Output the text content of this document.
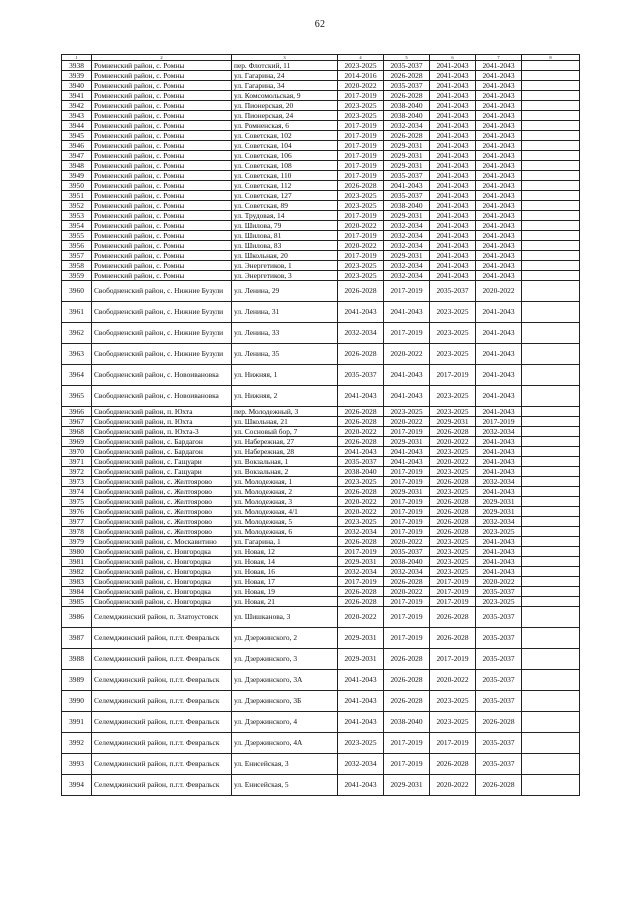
62
1	2	3	4	5	6	7	8
3938	Ромненский район, с. Ромны	пер. Флотский, 11	2023-2025	2035-2037	2041-2043	2041-2043	
3939	Ромненский район, с. Ромны	ул. Гагарина, 24	2014-2016	2026-2028	2041-2043	2041-2043	
3940	Ромненский район, с. Ромны	ул. Гагарина, 34	2020-2022	2035-2037	2041-2043	2041-2043	
3941	Ромненский район, с. Ромны	ул. Комсомольская, 9	2017-2019	2026-2028	2041-2043	2041-2043	
3942	Ромненский район, с. Ромны	ул. Пионерская, 20	2023-2025	2038-2040	2041-2043	2041-2043	
3943	Ромненский район, с. Ромны	ул. Пионерская, 24	2023-2025	2038-2040	2041-2043	2041-2043	
3944	Ромненский район, с. Ромны	ул. Ромненская, 6	2017-2019	2032-2034	2041-2043	2041-2043	
3945	Ромненский район, с. Ромны	ул. Советская, 102	2017-2019	2026-2028	2041-2043	2041-2043	
3946	Ромненский район, с. Ромны	ул. Советская, 104	2017-2019	2029-2031	2041-2043	2041-2043	
3947	Ромненский район, с. Ромны	ул. Советская, 106	2017-2019	2029-2031	2041-2043	2041-2043	
3948	Ромненский район, с. Ромны	ул. Советская, 108	2017-2019	2029-2031	2041-2043	2041-2043	
3949	Ромненский район, с. Ромны	ул. Советская, 110	2017-2019	2035-2037	2041-2043	2041-2043	
3950	Ромненский район, с. Ромны	ул. Советская, 112	2026-2028	2041-2043	2041-2043	2041-2043	
3951	Ромненский район, с. Ромны	ул. Советская, 127	2023-2025	2035-2037	2041-2043	2041-2043	
3952	Ромненский район, с. Ромны	ул. Советская, 89	2023-2025	2038-2040	2041-2043	2041-2043	
3953	Ромненский район, с. Ромны	ул. Трудовая, 14	2017-2019	2029-2031	2041-2043	2041-2043	
3954	Ромненский район, с. Ромны	ул. Шилова, 79	2020-2022	2032-2034	2041-2043	2041-2043	
3955	Ромненский район, с. Ромны	ул. Шилова, 81	2017-2019	2032-2034	2041-2043	2041-2043	
3956	Ромненский район, с. Ромны	ул. Шилова, 83	2020-2022	2032-2034	2041-2043	2041-2043	
3957	Ромненский район, с. Ромны	ул. Школьная, 20	2017-2019	2029-2031	2041-2043	2041-2043	
3958	Ромненский район, с. Ромны	ул. Энергетиков, 1	2023-2025	2032-2034	2041-2043	2041-2043	
3959	Ромненский район, с. Ромны	ул. Энергетиков, 3	2023-2025	2032-2034	2041-2043	2041-2043	
3960	Свободненский район, с. Нижние Бузули	ул. Ленина, 29	2026-2028	2017-2019	2035-2037	2020-2022	
3961	Свободненский район, с. Нижние Бузули	ул. Ленина, 31	2041-2043	2041-2043	2023-2025	2041-2043	
3962	Свободненский район, с. Нижние Бузули	ул. Ленина, 33	2032-2034	2017-2019	2023-2025	2041-2043	
3963	Свободненский район, с. Нижние Бузули	ул. Ленина, 35	2026-2028	2020-2022	2023-2025	2041-2043	
3964	Свободненский район, с. Новоивановка	ул. Нижняя, 1	2035-2037	2041-2043	2017-2019	2041-2043	
3965	Свободненский район, с. Новоивановка	ул. Нижняя, 2	2041-2043	2041-2043	2023-2025	2041-2043	
3966	Свободненский район, п. Юхта	пер. Молодежный, 3	2026-2028	2023-2025	2023-2025	2041-2043	
3967	Свободненский район, п. Юхта	ул. Школьная, 21	2026-2028	2020-2022	2029-2031	2017-2019	
3968	Свободненский район, п. Юхта-3	ул. Сосновый бор, 7	2020-2022	2017-2019	2026-2028	2032-2034	
3969	Свободненский район, с. Бардагон	ул. Набережная, 27	2026-2028	2029-2031	2020-2022	2041-2043	
3970	Свободненский район, с. Бардагон	ул. Набережная, 28	2041-2043	2041-2043	2023-2025	2041-2043	
3971	Свободненский район, с. Гащуари	ул. Вокзальная, 1	2035-2037	2041-2043	2020-2022	2041-2043	
3972	Свободненский район, с. Гащуари	ул. Вокзальная, 2	2038-2040	2017-2019	2023-2025	2041-2043	
3973	Свободненский район, с. Желтоярово	ул. Молодежная, 1	2023-2025	2017-2019	2026-2028	2032-2034	
3974	Свободненский район, с. Желтоярово	ул. Молодежная, 2	2026-2028	2029-2031	2023-2025	2041-2043	
3975	Свободненский район, с. Желтоярово	ул. Молодежная, 3	2020-2022	2017-2019	2026-2028	2029-2031	
3976	Свободненский район, с. Желтоярово	ул. Молодежная, 4/1	2020-2022	2017-2019	2026-2028	2029-2031	
3977	Свободненский район, с. Желтоярово	ул. Молодежная, 5	2023-2025	2017-2019	2026-2028	2032-2034	
3978	Свободненский район, с. Желтоярово	ул. Молодежная, 6	2032-2034	2017-2019	2026-2028	2023-2025	
3979	Свободненский район, с. Москавитино	ул. Гагарина, 1	2026-2028	2020-2022	2023-2025	2041-2043	
3980	Свободненский район, с. Новгородка	ул. Новая, 12	2017-2019	2035-2037	2023-2025	2041-2043	
3981	Свободненский район, с. Новгородка	ул. Новая, 14	2029-2031	2038-2040	2023-2025	2041-2043	
3982	Свободненский район, с. Новгородка	ул. Новая, 16	2032-2034	2032-2034	2023-2025	2041-2043	
3983	Свободненский район, с. Новгородка	ул. Новая, 17	2017-2019	2026-2028	2017-2019	2020-2022	
3984	Свободненский район, с. Новгородка	ул. Новая, 19	2026-2028	2020-2022	2017-2019	2035-2037	
3985	Свободненский район, с. Новгородка	ул. Новая, 21	2026-2028	2017-2019	2017-2019	2023-2025	
3986	Селемджинский район, п. Златоустовск	ул. Шишканова, 3	2020-2022	2017-2019	2026-2028	2035-2037	
3987	Селемджинский район, п.г.т. Февральск	ул. Дзержинского, 2	2029-2031	2017-2019	2026-2028	2035-2037	
3988	Селемджинский район, п.г.т. Февральск	ул. Дзержинского, 3	2029-2031	2026-2028	2017-2019	2035-2037	
3989	Селемджинский район, п.г.т. Февральск	ул. Дзержинского, 3А	2041-2043	2026-2028	2020-2022	2035-2037	
3990	Селемджинский район, п.г.т. Февральск	ул. Дзержинского, 3Б	2041-2043	2026-2028	2023-2025	2035-2037	
3991	Селемджинский район, п.г.т. Февральск	ул. Дзержинского, 4	2041-2043	2038-2040	2023-2025	2026-2028	
3992	Селемджинский район, п.г.т. Февральск	ул. Дзержинского, 4А	2023-2025	2017-2019	2017-2019	2035-2037	
3993	Селемджинский район, п.г.т. Февральск	ул. Енисейская, 3	2032-2034	2017-2019	2026-2028	2035-2037	
3994	Селемджинский район, п.г.т. Февральск	ул. Енисейская, 5	2041-2043	2029-2031	2020-2022	2026-2028	
